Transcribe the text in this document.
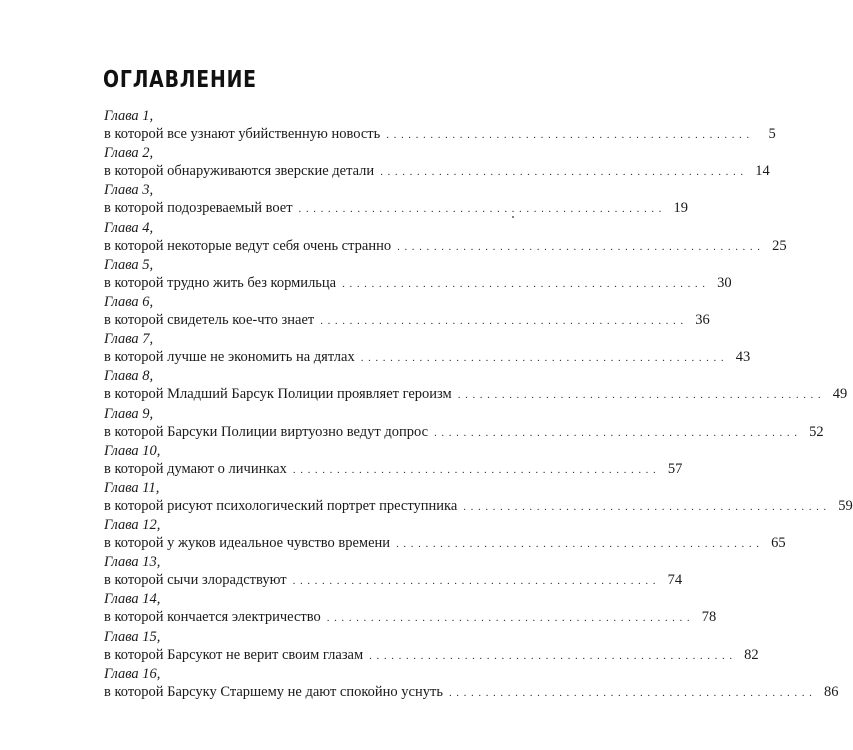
ОГЛАВЛЕНИЕ
Глава 1,
в которой все узнают убийственную новость ..................................................	5
Глава 2,
в которой обнаруживаются зверские детали .................................................. 14
Глава 3,
в которой подозреваемый воет .................................................. 19
Глава 4,
в которой некоторые ведут себя очень странно .................................................. 25
Глава 5,
в которой трудно жить без кормильца .................................................. 30
Глава 6,
в которой свидетель кое-что знает .................................................. 36
Глава 7,
в которой лучше не экономить на дятлах .................................................. 43
Глава 8,
в которой Младший Барсук Полиции проявляет героизм .................................................. 49
Глава 9,
в которой Барсуки Полиции виртуозно ведут допрос .................................................. 52
Глава 10,
в которой думают о личинках .................................................. 57
Глава 11,
в которой рисуют психологический портрет преступника .................................................. 59
Глава 12,
в которой у жуков идеальное чувство времени .................................................. 65
Глава 13,
в которой сычи злорадствуют .................................................. 74
Глава 14,
в которой кончается электричество .................................................. 78
Глава 15,
в которой Барсукот не верит своим глазам .................................................. 82
Глава 16,
в которой Барсуку Старшему не дают спокойно уснуть .................................................. 86
